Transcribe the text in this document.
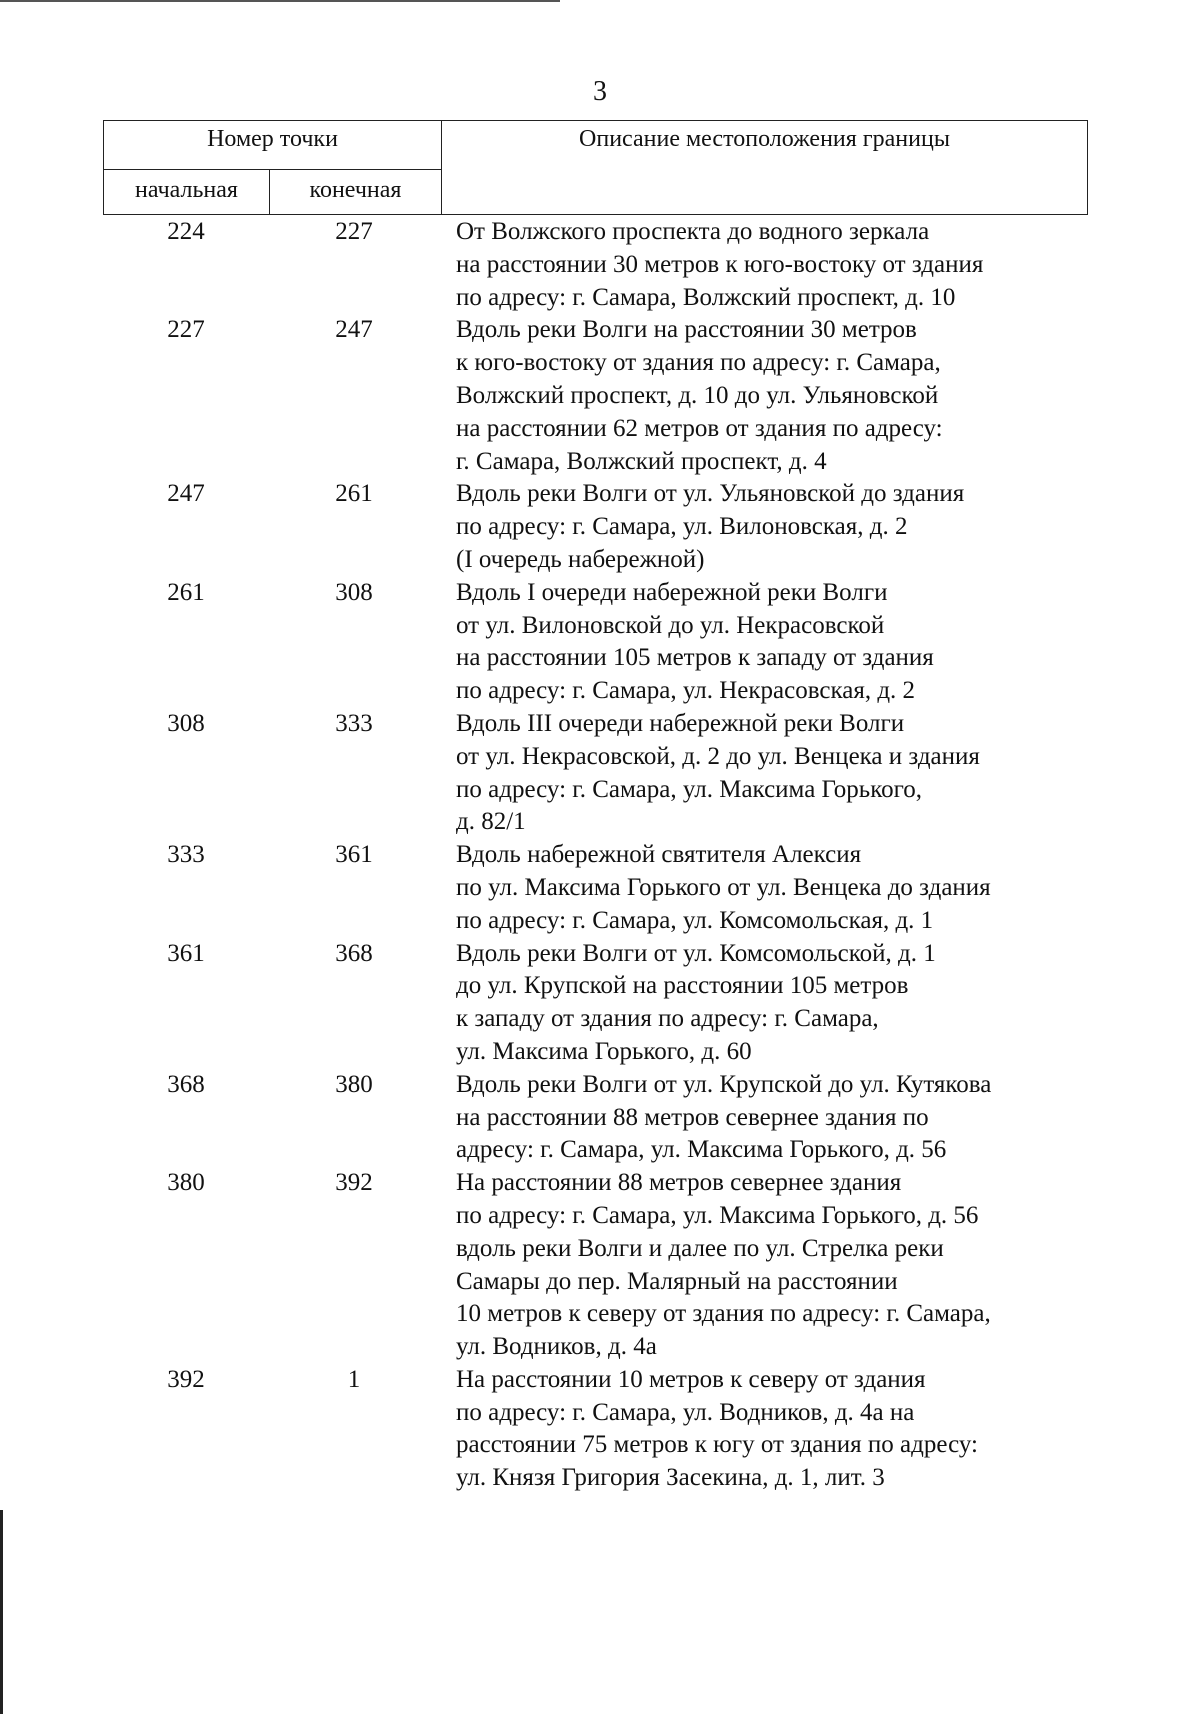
3
Номер точки		Описание местоположения границы
начальная	конечная	
224	227	От Волжского проспекта до водного зеркала
на расстоянии 30 метров к юго-востоку от здания
по адресу: г. Самара, Волжский проспект, д. 10
227	247	Вдоль реки Волги на расстоянии 30 метров
к юго-востоку от здания по адресу: г. Самара,
Волжский проспект, д. 10 до ул. Ульяновской
на расстоянии 62 метров от здания по адресу:
г. Самара, Волжский проспект, д. 4
247	261	Вдоль реки Волги от ул. Ульяновской до здания
по адресу: г. Самара, ул. Вилоновская, д. 2
(I очередь набережной)
261	308	Вдоль I очереди набережной реки Волги
от ул. Вилоновской до ул. Некрасовской
на расстоянии 105 метров к западу от здания
по адресу: г. Самара, ул. Некрасовская, д. 2
308	333	Вдоль III очереди набережной реки Волги
от ул. Некрасовской, д. 2 до ул. Венцека и здания
по адресу: г. Самара, ул. Максима Горького,
д. 82/1
333	361	Вдоль набережной святителя Алексия
по ул. Максима Горького от ул. Венцека до здания
по адресу: г. Самара, ул. Комсомольская, д. 1
361	368	Вдоль реки Волги от ул. Комсомольской, д. 1
до ул. Крупской на расстоянии 105 метров
к западу от здания по адресу: г. Самара,
ул. Максима Горького, д. 60
368	380	Вдоль реки Волги от ул. Крупской до ул. Кутякова
на расстоянии 88 метров севернее здания по
адресу: г. Самара, ул. Максима Горького, д. 56
380	392	На расстоянии 88 метров севернее здания
по адресу: г. Самара, ул. Максима Горького, д. 56
вдоль реки Волги и далее по ул. Стрелка реки
Самары до пер. Малярный на расстоянии
10 метров к северу от здания по адресу: г. Самара,
ул. Водников, д. 4а
392	1	На расстоянии 10 метров к северу от здания
по адресу: г. Самара, ул. Водников, д. 4а на
расстоянии 75 метров к югу от здания по адресу:
ул. Князя Григория Засекина, д. 1, лит. 3
